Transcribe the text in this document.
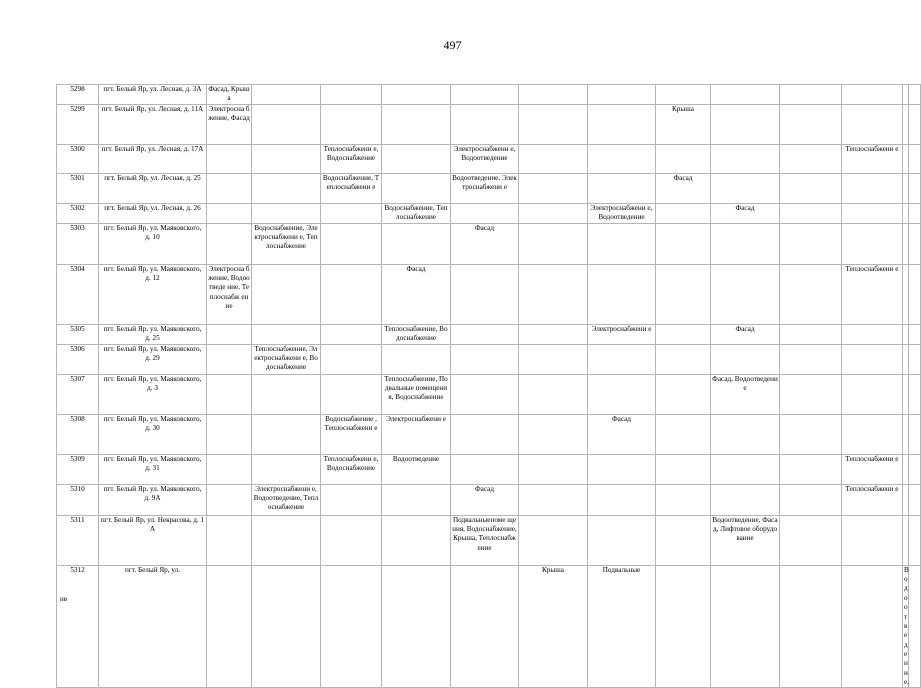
497
5298	пгт. Белый Яр, ул. Лесная, д. 3А	Фасад, Крыша												
5299	пгт. Белый Яр, ул. Лесная, д. 11А	Электросна бжение, Фасад							Крыша					
5300	пгт. Белый Яр, ул. Лесная, д. 17А			Теплоснабжени е, Водоснабжение		Электроснабжени е, Водоотведение						Теплоснабжени е		
5301	пгт. Белый Яр, ул. Лесная, д. 25			Водоснабжение, Теплоснабжени е		Водоотведение, Электроснабжени е			Фасад					
5302	пгт. Белый Яр, ул. Лесная, д. 26				Водоснабжение, Теплоснабжение			Электроснабжени е, Водоотведение		Фасад				
5303	пгт. Белый Яр, ул. Маяковского, д. 10		Водоснабжение, Электроснабжени е, Теплоснабжение			Фасад								
5304	пгт. Белый Яр, ул. Маяковского, д. 12	Электросна бжение, Водоотведе ние, Теплоснабж ение			Фасад							Теплоснабжени е		
5305	пгт. Белый Яр, ул. Маяковского, д. 25				Теплоснабжение, Водоснабжение			Электроснабжени е		Фасад				
5306	пгт. Белый Яр, ул. Маяковского, д. 29		Теплоснабжение, Электроснабжени е, Водоснабжение											
5307	пгт. Белый Яр, ул. Маяковского, д. 3				Теплоснабжение, Подвальные помещения, Водоснабжение					Фасад, Водоотведение				
5308	пгт. Белый Яр, ул. Маяковского, д. 30			Водоснабжение , Теплоснабжени е	Электроснабжени е			Фасад						
5309	пгт. Белый Яр, ул. Маяковского, д. 31			Теплоснабжени е, Водоснабжение	Водоотведение							Теплоснабжени е		
5310	пгт. Белый Яр, ул. Маяковского, д. 9А		Электроснабжени е, Водоотведение, Теплоснабжение			Фасад						Теплоснабжени е		
5311	пгт. Белый Яр, ул. Некрасова, д. 1А					Подвальныепоме щения, Водоснабжение, Крыша, Теплоснабжение				Водоотведение, Фасад, Лифтовое оборудование				
5312	пгт. Белый Яр, ул.						Крыша	Подвальные					Водоотведение,	
нв
